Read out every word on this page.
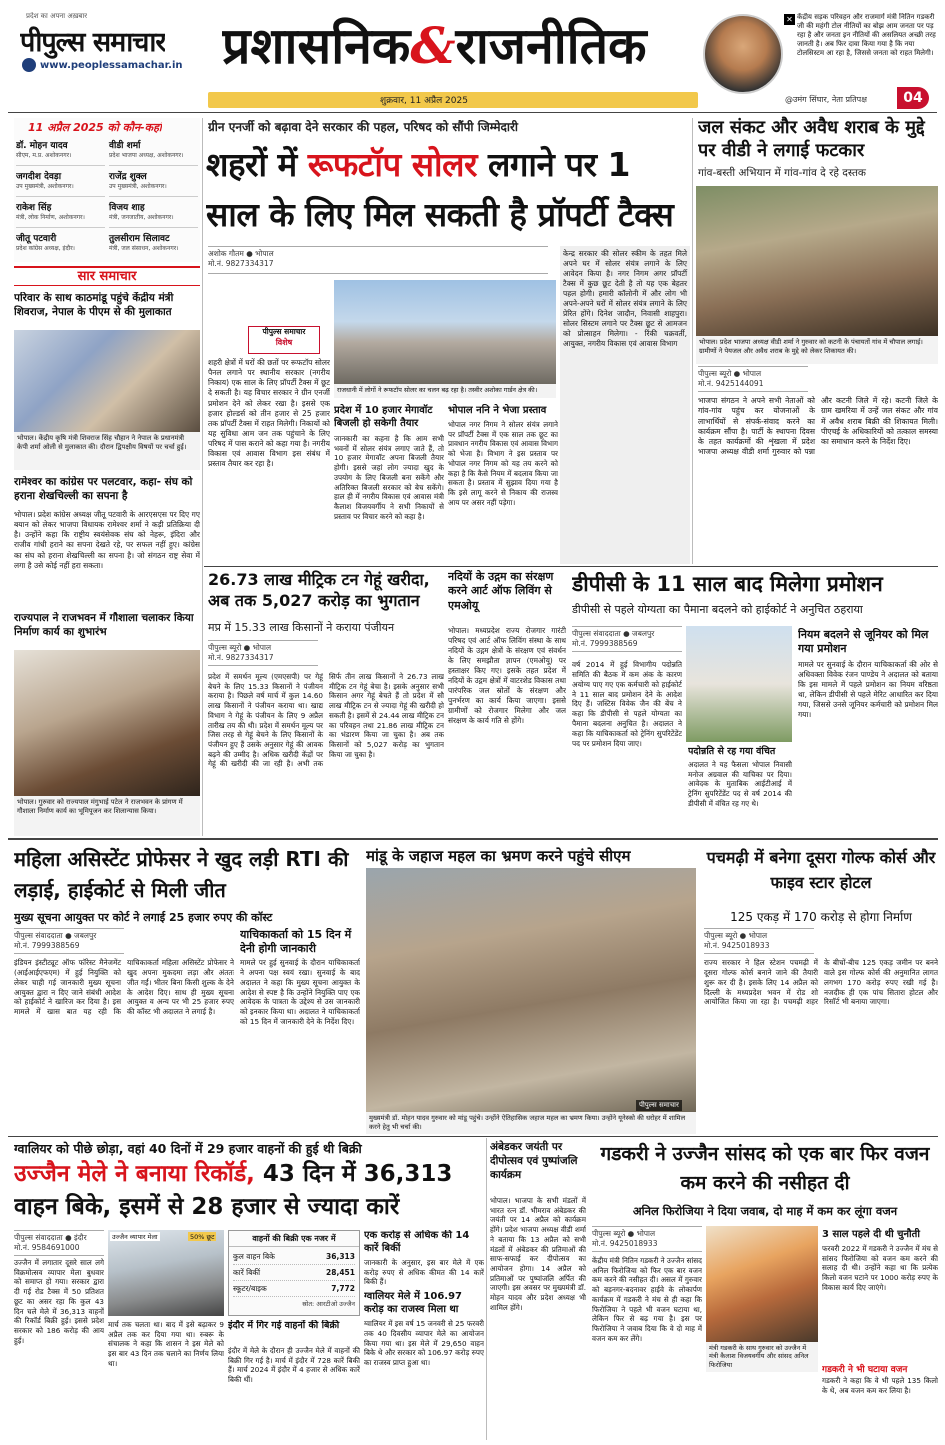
प्रदेश का अपना अख़बार
पीपुल्स समाचार
www.peoplessamachar.in प्रशासनिक&राजनीतिक
शुक्रवार, 11 अप्रैल 2025
✕ केंद्रीय सड़क परिवहन और राजमार्ग मंत्री नितिन गडकरी जी की महंगी टोल नीतियों का बोझ आम जनता पर पड़ रहा है और जनता इन नीतियों की असलियत अच्छी तरह जानती है। अब फिर दावा किया गया है कि नया टोलसिस्टम आ रहा है, जिससे जनता को राहत मिलेगी।
@उमंग सिंघार, नेता प्रतिपक्ष	04
11 अप्रैल 2025 को कौन-कहां
डॉ. मोहन यादव
सीएम, म.प्र. अशोकनगर।
वीडी शर्मा
प्रदेश भाजपा अध्यक्ष, अशोकनगर।
जगदीश देवड़ा
उप मुख्यमंत्री, अशोकनगर।
राजेंद्र शुक्ल
उप मुख्यमंत्री, अशोकनगर।
राकेश सिंह
मंत्री, लोक निर्माण, अशोकनगर।
विजय शाह
मंत्री, जनजातीय, अशोकनगर।
जीतू पटवारी
प्रदेश कांग्रेस अध्यक्ष, इंदौर।
तुलसीराम सिलावट
मंत्री, जल संसाधन, अशोकनगर।
सार समाचार
परिवार के साथ काठमांडू पहुंचे केंद्रीय मंत्री शिवराज, नेपाल के पीएम से की मुलाकात
भोपाल। केंद्रीय कृषि मंत्री शिवराज सिंह चौहान ने नेपाल के प्रधानमंत्री केपी शर्मा ओली से मुलाकात की। दौरान द्विपक्षीय विषयों पर चर्चा हुई।
रामेश्वर का कांग्रेस पर पलटवार, कहा- संघ को हराना शेखचिल्ली का सपना है
भोपाल। प्रदेश कांग्रेस अध्यक्ष जीतू पटवारी के आरएसएस पर दिए गए बयान को लेकर भाजपा विधायक रामेश्वर शर्मा ने कड़ी प्रतिक्रिया दी है। उन्होंने कहा कि राष्ट्रीय स्वयंसेवक संघ को नेहरू, इंदिरा और राजीव गांधी हराने का सपना देखते रहे, पर सफल नहीं हुए। कांग्रेस का संघ को हराना शेखचिल्ली का सपना है। जो संगठन राष्ट्र सेवा में लगा है उसे कोई नहीं हरा सकता।
राज्यपाल ने राजभवन में गौशाला चलाकर किया निर्माण कार्य का शुभारंभ
भोपाल। गुरुवार को राज्यपाल मंगुभाई पटेल ने राजभवन के प्रांगण में गौशाला निर्माण कार्य का भूमिपूजन कर शिलान्यास किया।
ग्रीन एनर्जी को बढ़ावा देने सरकार की पहल, परिषद को सौंपी जिम्मेदारी
शहरों में रूफटॉप सोलर लगाने पर 1 साल के लिए मिल सकती है प्रॉपर्टी टैक्स
अशोक गौतम ● भोपाल
मो.नं. 9827334317
पीपुल्स समाचार
विशेष
शहरी क्षेत्रों में घरों की छतों पर रूफटॉप सोलर पैनल लगाने पर स्थानीय सरकार (नगरीय निकाय) एक साल के लिए प्रॉपर्टी टैक्स में छूट दे सकती है। यह विचार सरकार ने ग्रीन एनर्जी प्रमोशन देने को लेकर रखा है। इससे एक हजार होल्डर्स को तीन हजार से 25 हजार तक प्रॉपर्टी टैक्स में राहत मिलेगी। निकायों को यह सुविधा आम जन तक पहुंचाने के लिए परिषद में पास कराने को कहा गया है। नगरीय विकास एवं आवास विभाग इस संबंध में प्रस्ताव तैयार कर रहा है।
राजधानी में लोगों ने रूफटॉप सोलर का चलन बढ़ रहा है। तस्वीर अशोका गार्डन क्षेत्र की।
प्रदेश में 10 हजार मेगावॉट बिजली हो सकेगी तैयार
जानकारी का कहना है कि आम सभी भवनों में सोलर संयंत्र लगाए जाते हैं, तो 10 हजार मेगावॉट अपना बिजली तैयार होगी। इससे जहां लोग ज्यादा खुद के उपयोग के लिए बिजली बना सकेंगे और अतिरिक्त बिजली सरकार को बेच सकेंगे। हाल ही में नगरीय विकास एवं आवास मंत्री कैलाश विजयवर्गीय ने सभी निकायों से प्रस्ताव पर विचार करने को कहा है।
भोपाल ननि ने भेजा प्रस्ताव
भोपाल नगर निगम ने सोलर संयंत्र लगाने पर प्रॉपर्टी टैक्स में एक साल तक छूट का प्रावधान नगरीय विकास एवं आवास विभाग को भेजा है। विभाग ने इस प्रस्ताव पर भोपाल नगर निगम को यह तय करने को कहा है कि कैसे नियम में बदलाव किया जा सकता है। प्रस्ताव में सुझाव दिया गया है कि इसे लागू करने से निकाय की राजस्व आय पर असर नहीं पड़ेगा।
केन्द्र सरकार की सोलर स्कीम के तहत मिले अपने घर में सोलर संयंत्र लगाने के लिए आवेदन किया है। नगर निगम अगर प्रॉपर्टी टैक्स में कुछ छूट देती है तो यह एक बेहतर पहल होगी। हमारी कॉलोनी में और लोग भी अपने-अपने घरों में सोलर संयंत्र लगाने के लिए प्रेरित होंगे। दिनेश जादौन, निवासी शाहपुरा। सोलर सिस्टम लगाने पर टैक्स छूट से आमजन को प्रोत्साहन मिलेगा। - रिंकी चक्रवर्ती, आयुक्त, नगरीय विकास एवं आवास विभाग
जल संकट और अवैध शराब के मुद्दे पर वीडी ने लगाई फटकार
गांव-बस्ती अभियान में गांव-गांव दे रहे दस्तक
भोपाल। प्रदेश भाजपा अध्यक्ष वीडी शर्मा ने गुरुवार को कटनी के पंचायतों गांव में चौपाल लगाई। ग्रामीणों ने पेयजल और अवैध शराब के मुद्दे को लेकर शिकायत की।
पीपुल्स ब्यूरो ● भोपाल
मो.नं. 9425144091
भाजपा संगठन ने अपने सभी नेताओं को गांव-गांव पहुंच कर योजनाओं के लाभार्थियों से संपर्क-संवाद करने का कार्यक्रम सौंपा है। पार्टी के स्थापना दिवस के तहत कार्यक्रमों की शृंखला में प्रदेश भाजपा अध्यक्ष वीडी शर्मा गुरुवार को पन्ना और कटनी जिले में रहे। कटनी जिले के ग्राम खमरिया में उन्हें जल संकट और गांव में अवैध शराब बिक्री की शिकायत मिली। पीएचई के अधिकारियों को तत्काल समस्या का समाधान करने के निर्देश दिए।
26.73 लाख मीट्रिक टन गेहूं खरीदा, अब तक 5,027 करोड़ का भुगतान
मप्र में 15.33 लाख किसानों ने कराया पंजीयन
पीपुल्स ब्यूरो ● भोपाल
मो.नं. 9827334317
प्रदेश में समर्थन मूल्य (एमएसपी) पर गेहूं बेचने के लिए 15.33 किसानों ने पंजीयन कराया है। पिछले वर्ष मार्च में कुल 14.60 लाख किसानों ने पंजीयन कराया था। खाद्य विभाग ने गेहूं के पंजीयन के लिए 9 अप्रैल तारीख तय की थी। प्रदेश में समर्थन मूल्य पर जिस तरह से गेहूं बेचने के लिए किसानों के पंजीयन हुए हैं उसके अनुसार गेहूं की आवक बढ़ने की उम्मीद है। अधिक खरीदी केंद्रों पर गेहूं की खरीदी की जा रही है। अभी तक सिर्फ तीन लाख किसानों ने 26.73 लाख मीट्रिक टन गेहूं बेचा है। इसके अनुसार सभी किसान अगर गेहूं बेचते हैं तो प्रदेश में सौ लाख मीट्रिक टन से ज्यादा गेहूं की खरीदी हो सकती है। इसमें से 24.44 लाख मीट्रिक टन का परिवहन तथा 21.86 लाख मीट्रिक टन का भंडारण किया जा चुका है। अब तक किसानों को 5,027 करोड़ का भुगतान किया जा चुका है।
नदियों के उद्गम का संरक्षण करने आर्ट ऑफ लिविंग से एमओयू
भोपाल। मध्यप्रदेश राज्य रोजगार गारंटी परिषद एवं आर्ट ऑफ लिविंग संस्था के साथ नदियों के उद्गम क्षेत्रों के संरक्षण एवं संवर्धन के लिए समझौता ज्ञापन (एमओयू) पर हस्ताक्षर किए गए। इसके तहत प्रदेश में नदियों के उद्गम क्षेत्रों में वाटरशेड विकास तथा पारंपरिक जल स्रोतों के संरक्षण और पुनर्भरण का कार्य किया जाएगा। इससे ग्रामीणों को रोजगार मिलेगा और जल संरक्षण के कार्य गति से होंगे।
डीपीसी के 11 साल बाद मिलेगा प्रमोशन
डीपीसी से पहले योग्यता का पैमाना बदलने को हाईकोर्ट ने अनुचित ठहराया
पीपुल्स संवाददाता ● जबलपुर
मो.नं. 7999388569
वर्ष 2014 में हुई विभागीय पदोन्नति समिति की बैठक में कम अंक के कारण अयोग्य पाए गए एक कर्मचारी को हाईकोर्ट ने 11 साल बाद प्रमोशन देने के आदेश दिए हैं। जस्टिस विवेक जैन की बेंच ने कहा कि डीपीसी से पहले योग्यता का पैमाना बदलना अनुचित है। अदालत ने कहा कि याचिकाकर्ता को ट्रेनिंग सुपरिटेंडेंट पद पर प्रमोशन दिया जाए।
पदोन्नति से रह गया वंचित
अदालत ने यह फैसला भोपाल निवासी मनोज अग्रवाल की याचिका पर दिया। आवेदक के मुताबिक आईटीआई में ट्रेनिंग सुपरिटेंडेंट पद से वर्ष 2014 की डीपीसी में वंचित रह गए थे।
नियम बदलने से जूनियर को मिल गया प्रमोशन
मामले पर सुनवाई के दौरान याचिकाकर्ता की ओर से अधिवक्ता विवेक रंजन पाण्डेय ने अदालत को बताया कि इस मामले में पहले प्रमोशन का नियम वरिष्ठता था, लेकिन डीपीसी से पहले मेरिट आधारित कर दिया गया, जिससे उनसे जूनियर कर्मचारी को प्रमोशन मिल गया।
महिला असिस्टेंट प्रोफेसर ने खुद लड़ी RTI की लड़ाई, हाईकोर्ट से मिली जीत
मुख्य सूचना आयुक्त पर कोर्ट ने लगाई 25 हजार रुपए की कॉस्ट
पीपुल्स संवाददाता ● जबलपुर
मो.नं. 7999388569
इंडियन इंस्टीट्यूट ऑफ फॉरेस्ट मैनेजमेंट (आईआईएफएम) में हुई नियुक्ति को लेकर चाही गई जानकारी मुख्य सूचना आयुक्त द्वारा न दिए जाने संबंधी आदेश को हाईकोर्ट ने खारिज कर दिया है। इस मामले में खास बात यह रही कि याचिकाकर्ता महिला असिस्टेंट प्रोफेसर ने खुद अपना मुकदमा लड़ा और अंततः जीत गईं। भीतर बिना किसी शुल्क के देने के आदेश दिए। साथ ही मुख्य सूचना आयुक्त व अन्य पर भी 25 हजार रुपए की कॉस्ट भी अदालत ने लगाई है।
याचिकाकर्ता को 15 दिन में देनी होगी जानकारी
मामले पर हुई सुनवाई के दौरान याचिकाकर्ता ने अपना पक्ष स्वयं रखा। सुनवाई के बाद अदालत ने कहा कि मुख्य सूचना आयुक्त के आदेश से स्पष्ट है कि उन्होंने नियुक्ति पाए एक आवेदक के पात्रता के उद्देश्य से उस जानकारी को इनकार किया था। अदालत ने याचिकाकर्ता को 15 दिन में जानकारी देने के निर्देश दिए।
मांडू के जहाज महल का भ्रमण करने पहुंचे सीएम
पीपुल्स समाचार
मुख्यमंत्री डॉ. मोहन यादव गुरुवार को मांडू पहुंचे। उन्होंने ऐतिहासिक जहाज महल का भ्रमण किया। उन्होंने यूनेस्को की धरोहर में शामिल करने हेतु भी चर्चा की।
पचमढ़ी में बनेगा दूसरा गोल्फ कोर्स और फाइव स्टार होटल
125 एकड़ में 170 करोड़ से होगा निर्माण
पीपुल्स ब्यूरो ● भोपाल
मो.नं. 9425018933
राज्य सरकार ने हिल स्टेशन पचमढ़ी में दूसरा गोल्फ कोर्स बनाने जाने की तैयारी शुरू कर दी है। इसके लिए 14 अप्रैल को दिल्ली के मध्यप्रदेश भवन में रोड शो आयोजित किया जा रहा है। पचमढ़ी शहर के बीचों-बीच 125 एकड़ जमीन पर बनने वाले इस गोल्फ कोर्स की अनुमानित लागत लगभग 170 करोड़ रुपए रखी गई है। नजदीक ही एक पांच सितारा होटल और रिसॉर्ट भी बनाया जाएगा।
ग्वालियर को पीछे छोड़ा, वहां 40 दिनों में 29 हजार वाहनों की हुई थी बिक्री
उज्जैन मेले ने बनाया रिकॉर्ड, 43 दिन में 36,313 वाहन बिके, इसमें से 28 हजार से ज्यादा कारें
पीपुल्स संवाददाता ● इंदौर
मो.नं. 9584691000
उज्जैन में लगातार दूसरे साल लगे विक्रमोत्सव व्यापार मेला बुधवार को समाप्त हो गया। सरकार द्वारा दी गई रोड टैक्स में 50 प्रतिशत छूट का असर रहा कि कुल 43 दिन चले मेले में 36,313 वाहनों की रिकॉर्ड बिक्री हुई। इससे प्रदेश सरकार को 186 करोड़ की आय हुई।
उज्जैन व्यापार मेला	50% छूट
मार्च तक चलता था। बाद में इसे बढ़ाकर 9 अप्रैल तक कर दिया गया था। रुबरू के संचालक ने कहा कि शासन ने इस मेले को इस बार 43 दिन तक चलाने का निर्णय लिया था।
वाहनों की बिक्री एक नजर में
कुल वाहन बिके	36,313
कारें बिकीं	28,451
स्कूटर/बाइक	7,772
स्रोत: आरटीओ उज्जैन
इंदौर में गिर गई वाहनों की बिक्री
इंदौर में मेले के दौरान ही उज्जैन मेले में वाहनों की बिक्री गिर गई है। मार्च में इंदौर में 728 कारें बिकी हैं। मार्च 2024 में इंदौर में 4 हजार से अधिक कारें बिकी थीं।
एक करोड़ से अधिक की 14 कारें बिकीं
जानकारी के अनुसार, इस बार मेले में एक करोड़ रुपए से अधिक कीमत की 14 कारें बिकी हैं।
ग्वालियर मेले में 106.97 करोड़ का राजस्व मिला था
ग्वालियर में इस वर्ष 15 जनवरी से 25 फरवरी तक 40 दिवसीय व्यापार मेले का आयोजन किया गया था। इस मेले में 29,650 वाहन बिके थे और सरकार को 106.97 करोड़ रुपए का राजस्व प्राप्त हुआ था।
अंबेडकर जयंती पर दीपोत्सव एवं पुष्पांजलि कार्यक्रम
भोपाल। भाजपा के सभी मंडलों में भारत रत्न डॉ. भीमराव अंबेडकर की जयंती पर 14 अप्रैल को कार्यक्रम होंगे। प्रदेश भाजपा अध्यक्ष वीडी शर्मा ने बताया कि 13 अप्रैल को सभी मंडलों में अंबेडकर की प्रतिमाओं की साफ-सफाई कर दीपोत्सव का आयोजन होगा। 14 अप्रैल को प्रतिमाओं पर पुष्पांजलि अर्पित की जाएगी। इस अवसर पर मुख्यमंत्री डॉ. मोहन यादव और प्रदेश अध्यक्ष भी शामिल होंगे।
गडकरी ने उज्जैन सांसद को एक बार फिर वजन कम करने की नसीहत दी
अनिल फिरोजिया ने दिया जवाब, दो माह में कम कर लूंगा वजन
पीपुल्स ब्यूरो ● भोपाल
मो.नं. 9425018933
केंद्रीय मंत्री नितिन गडकरी ने उज्जैन सांसद अनिल फिरोजिया को फिर एक बार वजन कम करने की नसीहत दी। असल में गुरुवार को बड़नगर-बदनावर हाईवे के लोकार्पण कार्यक्रम में गडकरी ने मंच से ही कहा कि फिरोजिया ने पहले भी वजन घटाया था, लेकिन फिर से बढ़ गया है। इस पर फिरोजिया ने जवाब दिया कि वे दो माह में वजन कम कर लेंगे।
मंत्री गडकरी के साथ गुरुवार को उज्जैन में मंत्री कैलाश विजयवर्गीय और सांसद अनिल फिरोजिया
3 साल पहले दी थी चुनौती
फरवरी 2022 में गडकरी ने उज्जैन में मंच से सांसद फिरोजिया को वजन कम करने की सलाह दी थी। उन्होंने कहा था कि प्रत्येक किलो वजन घटाने पर 1000 करोड़ रुपए के विकास कार्य दिए जाएंगे।
गडकरी ने भी घटाया वजन
गडकरी ने कहा कि वे भी पहले 135 किलो के थे, अब वजन कम कर लिया है।
